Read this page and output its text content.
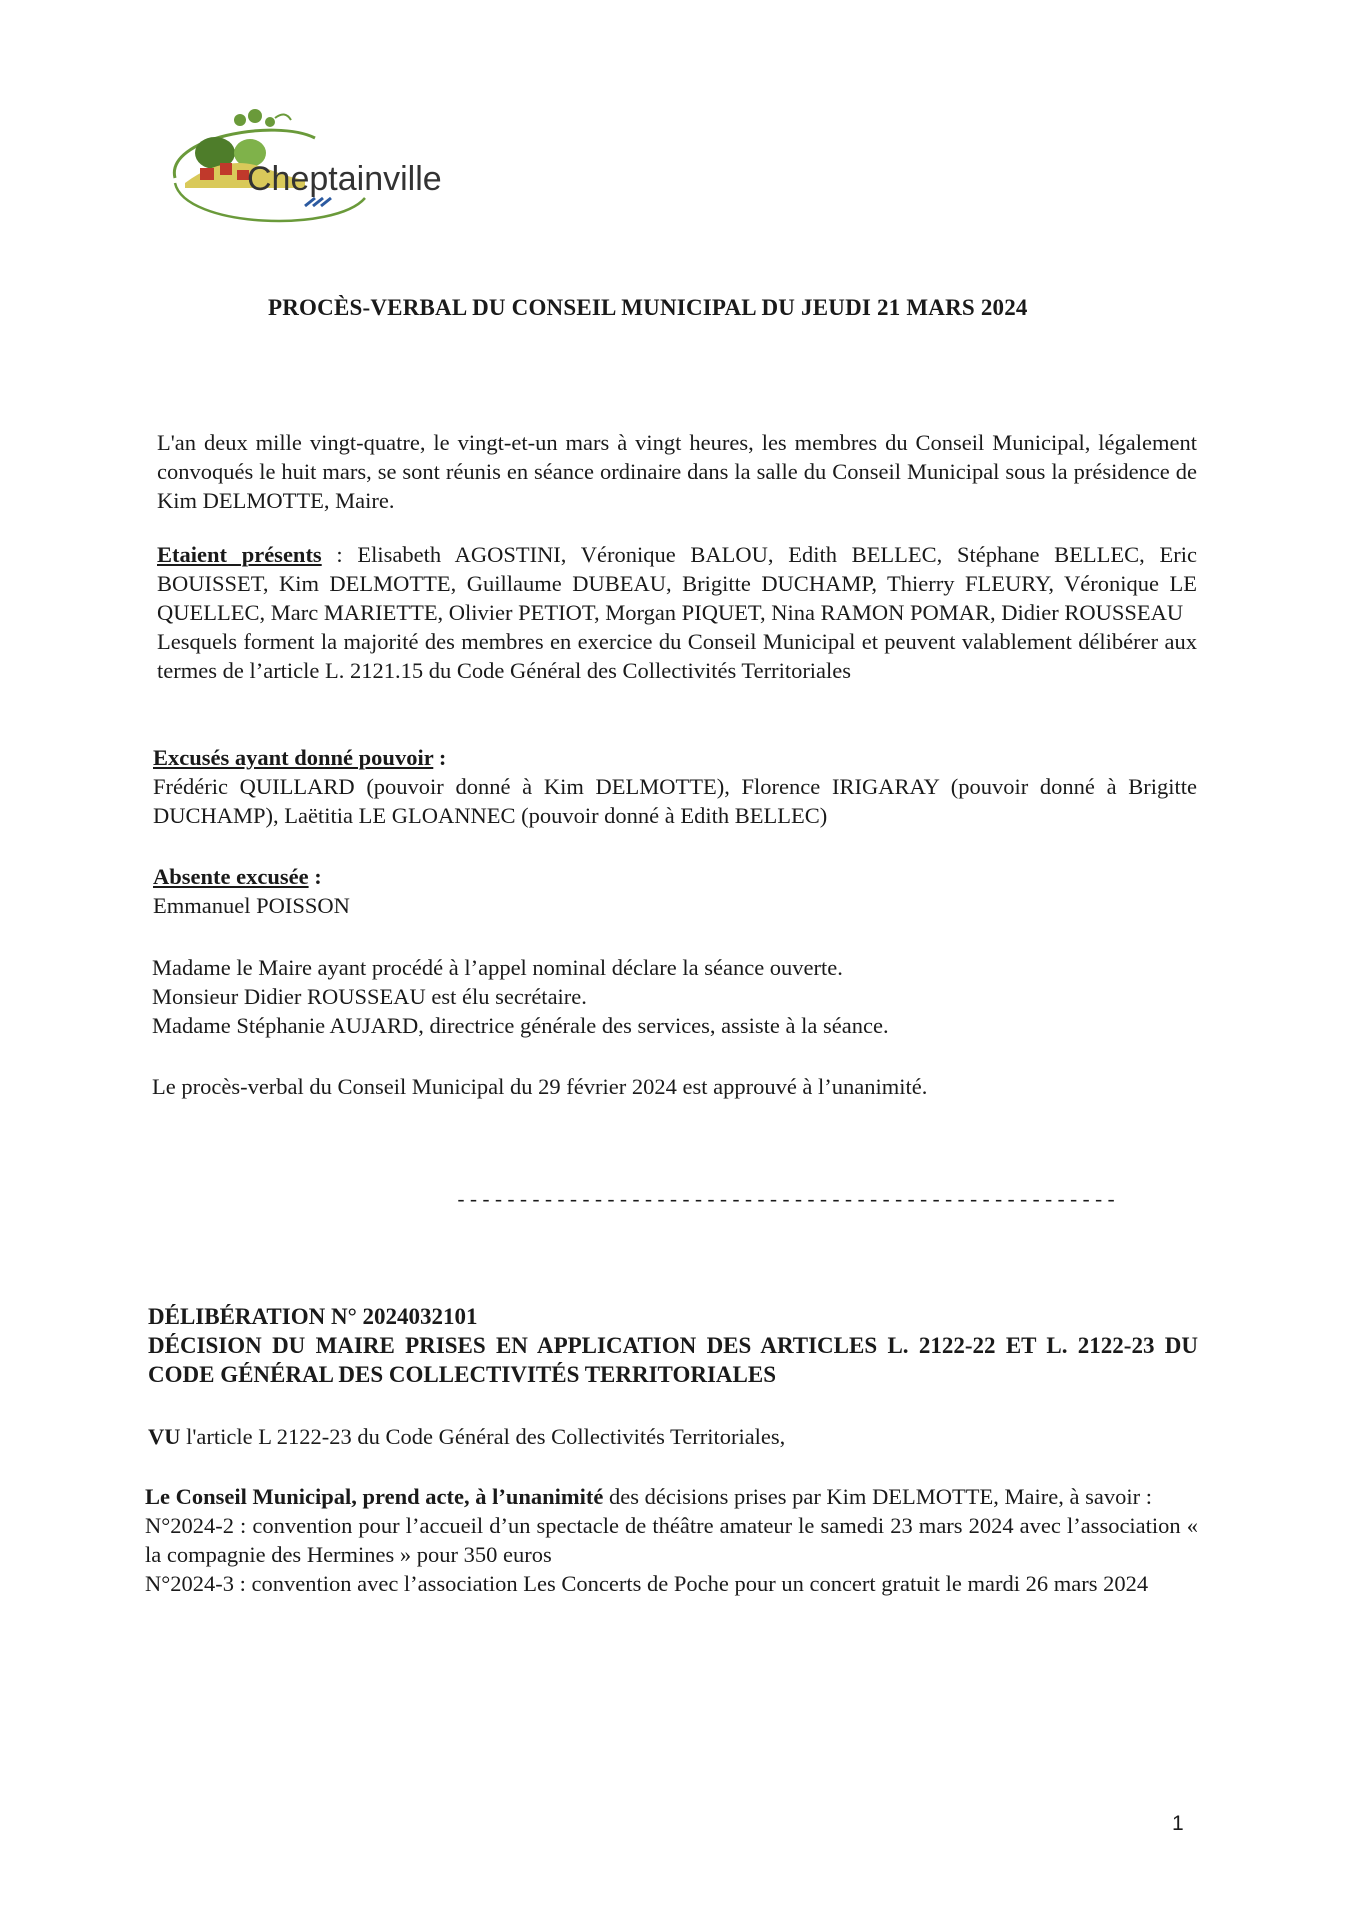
Cheptainville
PROCÈS-VERBAL DU CONSEIL MUNICIPAL DU JEUDI 21 MARS 2024

L'an deux mille vingt-quatre, le vingt-et-un mars à vingt heures, les membres du Conseil Municipal, légalement convoqués le huit mars, se sont réunis en séance ordinaire dans la salle du Conseil Municipal sous la présidence de Kim DELMOTTE, Maire.

Etaient présents : Elisabeth AGOSTINI, Véronique BALOU, Edith BELLEC, Stéphane BELLEC, Eric BOUISSET, Kim DELMOTTE, Guillaume DUBEAU, Brigitte DUCHAMP, Thierry FLEURY, Véronique LE QUELLEC, Marc MARIETTE, Olivier PETIOT, Morgan PIQUET, Nina RAMON POMAR, Didier ROUSSEAU

Lesquels forment la majorité des membres en exercice du Conseil Municipal et peuvent valablement délibérer aux termes de l’article L. 2121.15 du Code Général des Collectivités Territoriales

Excusés ayant donné pouvoir :

Frédéric QUILLARD (pouvoir donné à Kim DELMOTTE), Florence IRIGARAY (pouvoir donné à Brigitte DUCHAMP), Laëtitia LE GLOANNEC (pouvoir donné à Edith BELLEC)

Absente excusée :

Emmanuel POISSON

Madame le Maire ayant procédé à l’appel nominal déclare la séance ouverte.

Monsieur Didier ROUSSEAU est élu secrétaire.

Madame Stéphanie AUJARD, directrice générale des services, assiste à la séance.

Le procès-verbal du Conseil Municipal du 29 février 2024 est approuvé à l’unanimité.

-----------------------------------------------------
DÉLIBÉRATION N° 2024032101
DÉCISION DU MAIRE PRISES EN APPLICATION DES ARTICLES L. 2122-22 ET L. 2122-23 DU CODE GÉNÉRAL DES COLLECTIVITÉS TERRITORIALES

VU l'article L 2122-23 du Code Général des Collectivités Territoriales,

Le Conseil Municipal, prend acte, à l’unanimité des décisions prises par Kim DELMOTTE, Maire, à savoir :

N°2024-2 : convention pour l’accueil d’un spectacle de théâtre amateur le samedi 23 mars 2024 avec l’association « la compagnie des Hermines » pour 350 euros

N°2024-3 : convention avec l’association Les Concerts de Poche pour un concert gratuit le mardi 26 mars 2024

1
